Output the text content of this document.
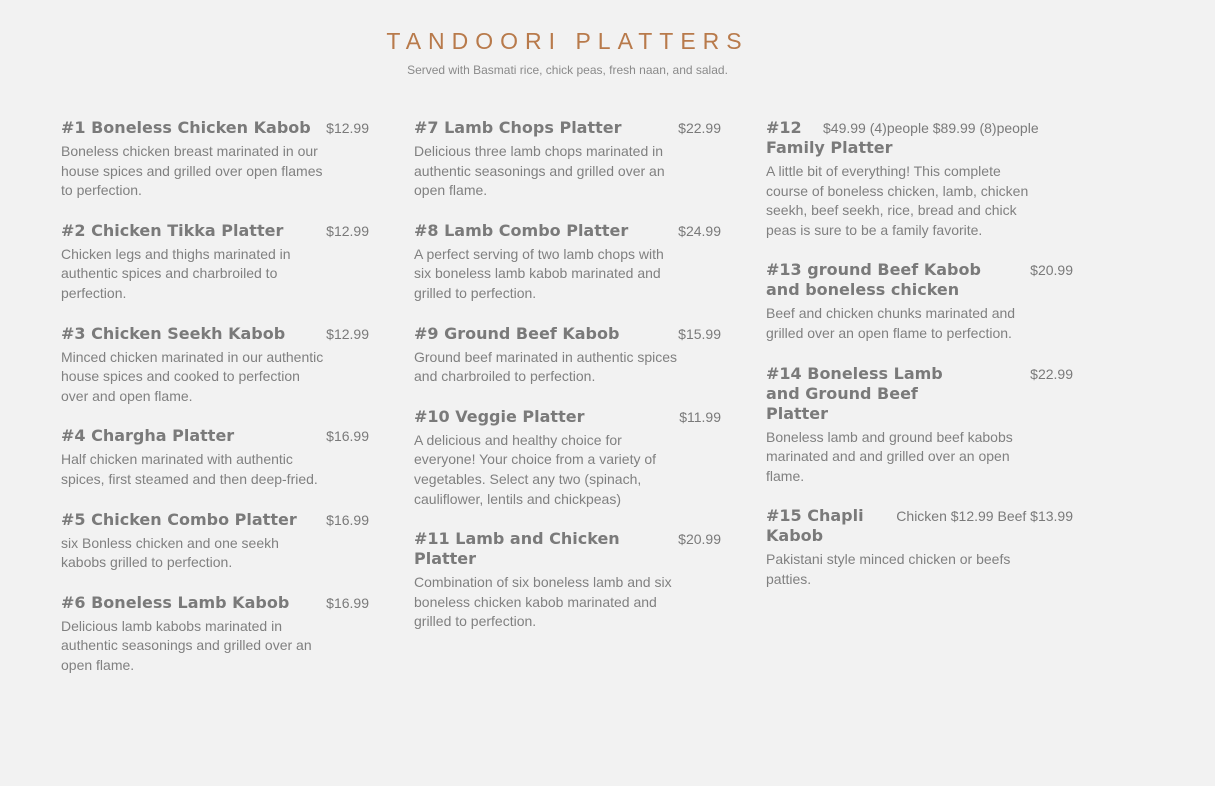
TANDOORI PLATTERS
Served with Basmati rice, chick peas, fresh naan, and salad.
#1 Boneless Chicken Kabob	$12.99
Boneless chicken breast marinated in our house spices and grilled over open flames to perfection.
#2 Chicken Tikka Platter	$12.99
Chicken legs and thighs marinated in authentic spices and charbroiled to perfection.
#3 Chicken Seekh Kabob	$12.99
Minced chicken marinated in our authentic house spices and cooked to perfection over and open flame.
#4 Chargha Platter	$16.99
Half chicken marinated with authentic spices, first steamed and then deep-fried.
#5 Chicken Combo Platter	$16.99
six Bonless chicken and one seekh kabobs grilled to perfection.
#6 Boneless Lamb Kabob	$16.99
Delicious lamb kabobs marinated in authentic seasonings and grilled over an open flame.
#7 Lamb Chops Platter	$22.99
Delicious three lamb chops marinated in authentic seasonings and grilled over an open flame.
#8 Lamb Combo Platter	$24.99
A perfect serving of two lamb chops with six boneless lamb kabob marinated and grilled to perfection.
#9 Ground Beef Kabob	$15.99
Ground beef marinated in authentic spices and charbroiled to perfection.
#10 Veggie Platter	$11.99
A delicious and healthy choice for everyone! Your choice from a variety of vegetables. Select any two (spinach, cauliflower, lentils and chickpeas)
#11 Lamb and Chicken Platter
$20.99
Combination of six boneless lamb and six boneless chicken kabob marinated and grilled to perfection.
#12	$49.99 (4)people $89.99 (8)people
Family Platter
A little bit of everything! This complete course of boneless chicken, lamb, chicken seekh, beef seekh, rice, bread and chick peas is sure to be a family favorite.
#13 ground Beef Kabob and boneless chicken
$20.99
Beef and chicken chunks marinated and grilled over an open flame to perfection.
#14 Boneless Lamb and Ground Beef Platter
$22.99
Boneless lamb and ground beef kabobs marinated and and grilled over an open flame.
#15 Chapli Kabob
Chicken $12.99 Beef $13.99
Pakistani style minced chicken or beefs patties.
